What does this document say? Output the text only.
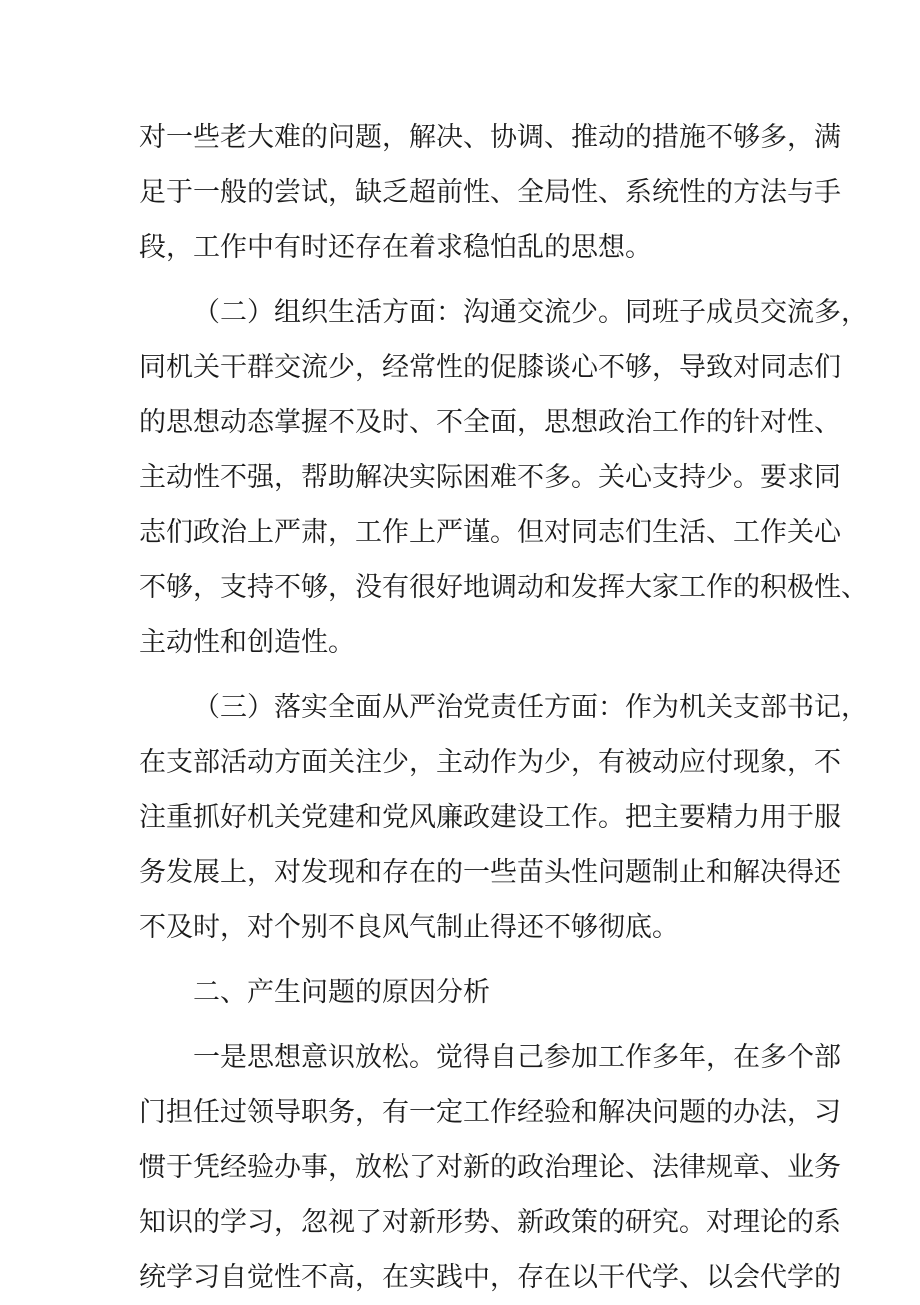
对一些老大难的问题，解决、协调、推动的措施不够多，满
足于一般的尝试，缺乏超前性、全局性、系统性的方法与手
段，工作中有时还存在着求稳怕乱的思想。
（二）组织生活方面：沟通交流少。同班子成员交流多，
同机关干群交流少，经常性的促膝谈心不够，导致对同志们
的思想动态掌握不及时、不全面，思想政治工作的针对性、
主动性不强，帮助解决实际困难不多。关心支持少。要求同
志们政治上严肃，工作上严谨。但对同志们生活、工作关心
不够，支持不够，没有很好地调动和发挥大家工作的积极性、
主动性和创造性。
（三）落实全面从严治党责任方面：作为机关支部书记，
在支部活动方面关注少，主动作为少，有被动应付现象，不
注重抓好机关党建和党风廉政建设工作。把主要精力用于服
务发展上，对发现和存在的一些苗头性问题制止和解决得还
不及时，对个别不良风气制止得还不够彻底。
二、产生问题的原因分析
一是思想意识放松。觉得自己参加工作多年，在多个部
门担任过领导职务，有一定工作经验和解决问题的办法，习
惯于凭经验办事，放松了对新的政治理论、法律规章、业务
知识的学习，忽视了对新形势、新政策的研究。对理论的系
统学习自觉性不高，在实践中，存在以干代学、以会代学的
